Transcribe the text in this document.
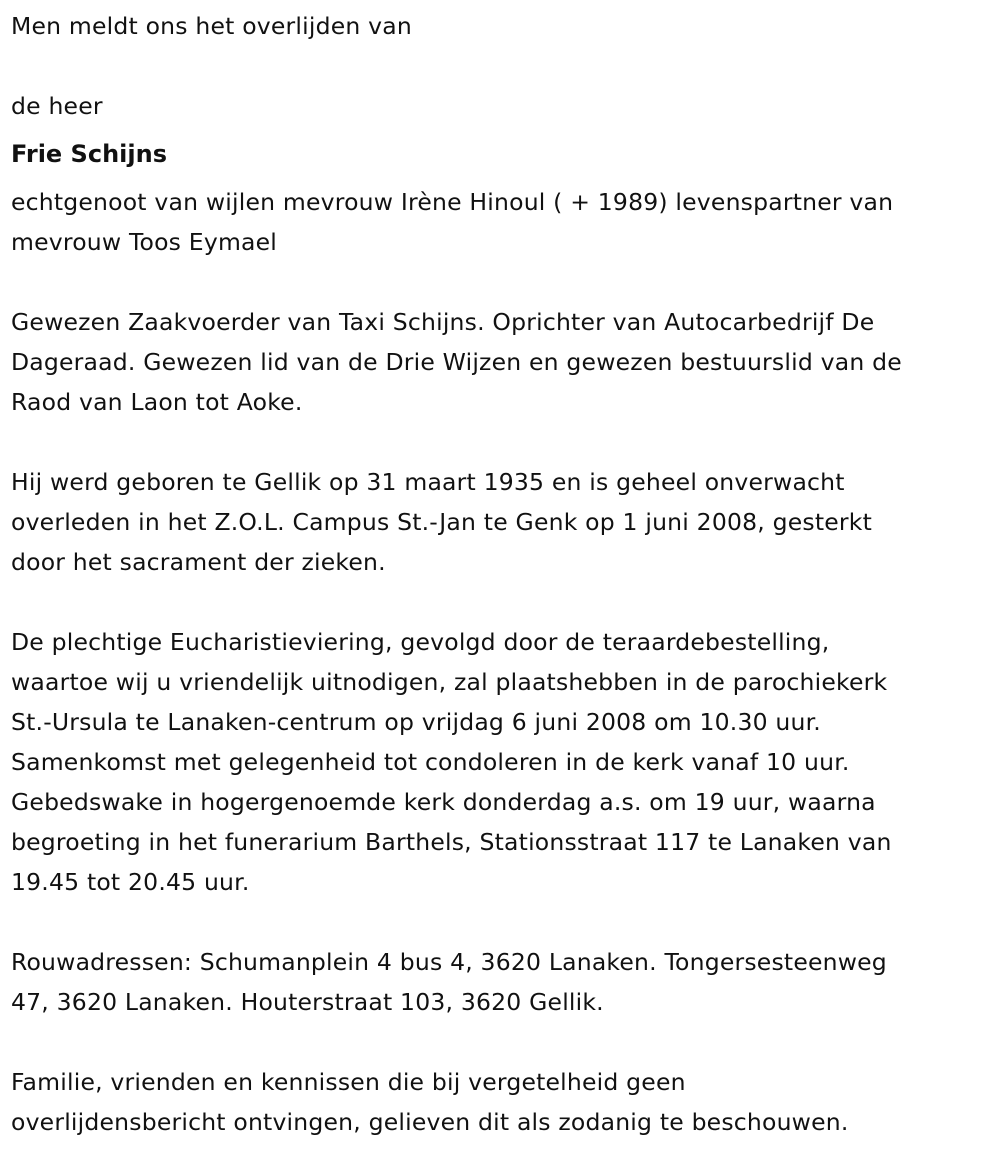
Men meldt ons het overlijden van

de heer

Frie Schijns

echtgenoot van wijlen mevrouw Irène Hinoul ( + 1989) levenspartner van

mevrouw Toos Eymael

Gewezen Zaakvoerder van Taxi Schijns. Oprichter van Autocarbedrijf De

Dageraad. Gewezen lid van de Drie Wijzen en gewezen bestuurslid van de

Raod van Laon tot Aoke.

Hij werd geboren te Gellik op 31 maart 1935 en is geheel onverwacht

overleden in het Z.O.L. Campus St.-Jan te Genk op 1 juni 2008, gesterkt

door het sacrament der zieken.

De plechtige Eucharistieviering, gevolgd door de teraardebestelling,

waartoe wij u vriendelijk uitnodigen, zal plaatshebben in de parochiekerk

St.-Ursula te Lanaken-centrum op vrijdag 6 juni 2008 om 10.30 uur.

Samenkomst met gelegenheid tot condoleren in de kerk vanaf 10 uur.

Gebedswake in hogergenoemde kerk donderdag a.s. om 19 uur, waarna

begroeting in het funerarium Barthels, Stationsstraat 117 te Lanaken van

19.45 tot 20.45 uur.

Rouwadressen: Schumanplein 4 bus 4, 3620 Lanaken. Tongersesteenweg

47, 3620 Lanaken. Houterstraat 103, 3620 Gellik.

Familie, vrienden en kennissen die bij vergetelheid geen

overlijdensbericht ontvingen, gelieven dit als zodanig te beschouwen.
